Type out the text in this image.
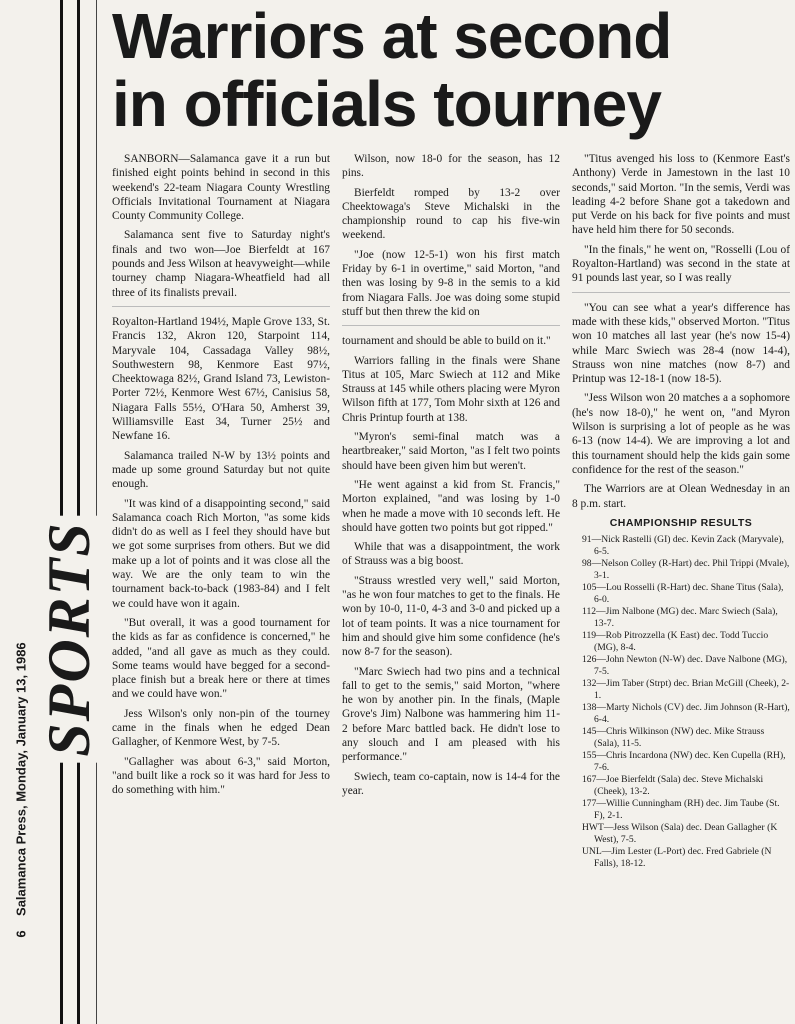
SPORTS
6    Salamanca Press, Monday, January 13, 1986
Warriors at second
in officials tourney

SANBORN—Salamanca gave it a run but finished eight points behind in second in this weekend's 22-team Niagara County Wrestling Officials Invitational Tournament at Niagara County Community College.

Salamanca sent five to Saturday night's finals and two won—Joe Bierfeldt at 167 pounds and Jess Wilson at heavyweight—while tourney champ Niagara-Wheatfield had all three of its finalists prevail.

Royalton-Hartland 194½, Maple Grove 133, St. Francis 132, Akron 120, Starpoint 114, Maryvale 104, Cassadaga Valley 98½, Southwestern 98, Kenmore East 97½, Cheektowaga 82½, Grand Island 73, Lewiston-Porter 72½, Kenmore West 67½, Canisius 58, Niagara Falls 55½, O'Hara 50, Amherst 39, Williamsville East 34, Turner 25½ and Newfane 16.

Salamanca trailed N-W by 13½ points and made up some ground Saturday but not quite enough.

"It was kind of a disappointing second," said Salamanca coach Rich Morton, "as some kids didn't do as well as I feel they should have but we got some surprises from others. But we did make up a lot of points and it was close all the way. We are the only team to win the tournament back-to-back (1983-84) and I felt we could have won it again.

"But overall, it was a good tournament for the kids as far as confidence is concerned," he added, "and all gave as much as they could. Some teams would have begged for a second-place finish but a break here or there at times and we could have won."

Jess Wilson's only non-pin of the tourney came in the finals when he edged Dean Gallagher, of Kenmore West, by 7-5.

"Gallagher was about 6-3," said Morton, "and built like a rock so it was hard for Jess to do something with him."

Wilson, now 18-0 for the season, has 12 pins.

Bierfeldt romped by 13-2 over Cheektowaga's Steve Michalski in the championship round to cap his five-win weekend.

"Joe (now 12-5-1) won his first match Friday by 6-1 in overtime," said Morton, "and then was losing by 9-8 in the semis to a kid from Niagara Falls. Joe was doing some stupid stuff but then threw the kid on

tournament and should be able to build on it."

Warriors falling in the finals were Shane Titus at 105, Marc Swiech at 112 and Mike Strauss at 145 while others placing were Myron Wilson fifth at 177, Tom Mohr sixth at 126 and Chris Printup fourth at 138.

"Myron's semi-final match was a heartbreaker," said Morton, "as I felt two points should have been given him but weren't.

"He went against a kid from St. Francis," Morton explained, "and was losing by 1-0 when he made a move with 10 seconds left. He should have gotten two points but got ripped."

While that was a disappointment, the work of Strauss was a big boost.

"Strauss wrestled very well," said Morton, "as he won four matches to get to the finals. He won by 10-0, 11-0, 4-3 and 3-0 and picked up a lot of team points. It was a nice tournament for him and should give him some confidence (he's now 8-7 for the season).

"Marc Swiech had two pins and a technical fall to get to the semis," said Morton, "where he won by another pin. In the finals, (Maple Grove's Jim) Nalbone was hammering him 11-2 before Marc battled back. He didn't lose to any slouch and I am pleased with his performance."

Swiech, team co-captain, now is 14-4 for the year.

"Titus avenged his loss to (Kenmore East's Anthony) Verde in Jamestown in the last 10 seconds," said Morton. "In the semis, Verdi was leading 4-2 before Shane got a takedown and put Verde on his back for five points and must have held him there for 50 seconds.

"In the finals," he went on, "Rosselli (Lou of Royalton-Hartland) was second in the state at 91 pounds last year, so I was really

"You can see what a year's difference has made with these kids," observed Morton. "Titus won 10 matches all last year (he's now 15-4) while Marc Swiech was 28-4 (now 14-4), Strauss won nine matches (now 8-7) and Printup was 12-18-1 (now 18-5).

"Jess Wilson won 20 matches a a sophomore (he's now 18-0)," he went on, "and Myron Wilson is surprising a lot of people as he was 6-13 (now 14-4). We are improving a lot and this tournament should help the kids gain some confidence for the rest of the season."

The Warriors are at Olean Wednesday in an 8 p.m. start.

CHAMPIONSHIP RESULTS
91—Nick Rastelli (GI) dec. Kevin Zack (Maryvale), 6-5.
98—Nelson Colley (R-Hart) dec. Phil Trippi (Mvale), 3-1.
105—Lou Rosselli (R-Hart) dec. Shane Titus (Sala), 6-0.
112—Jim Nalbone (MG) dec. Marc Swiech (Sala), 13-7.
119—Rob Pitrozzella (K East) dec. Todd Tuccio (MG), 8-4.
126—John Newton (N-W) dec. Dave Nalbone (MG), 7-5.
132—Jim Taber (Strpt) dec. Brian McGill (Cheek), 2-1.
138—Marty Nichols (CV) dec. Jim Johnson (R-Hart), 6-4.
145—Chris Wilkinson (NW) dec. Mike Strauss (Sala), 11-5.
155—Chris Incardona (NW) dec. Ken Cupella (RH), 7-6.
167—Joe Bierfeldt (Sala) dec. Steve Michalski (Cheek), 13-2.
177—Willie Cunningham (RH) dec. Jim Taube (St. F), 2-1.
HWT—Jess Wilson (Sala) dec. Dean Gallagher (K West), 7-5.
UNL—Jim Lester (L-Port) dec. Fred Gabriele (N Falls), 18-12.
